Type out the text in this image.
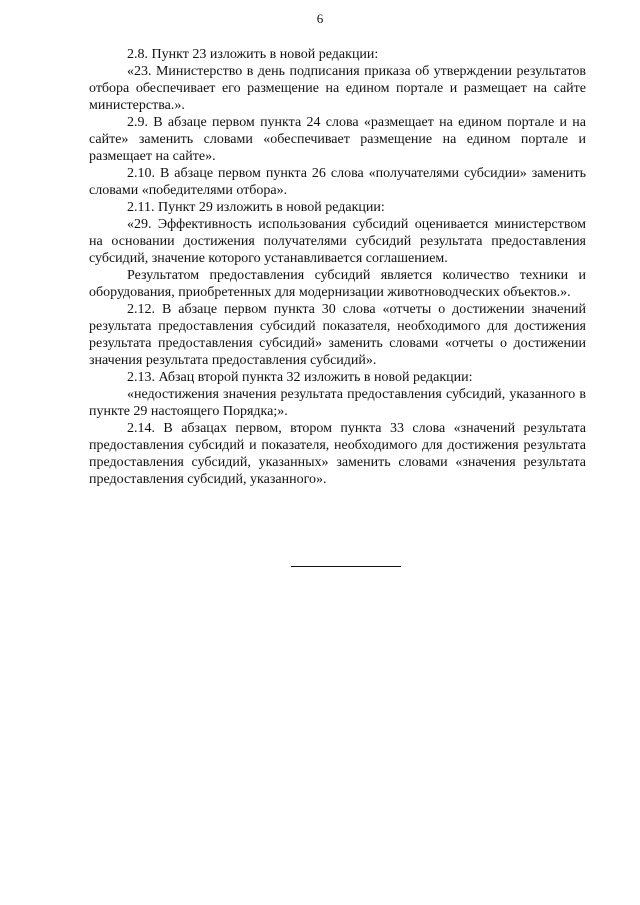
6

2.8. Пункт 23 изложить в новой редакции:

«23. Министерство в день подписания приказа об утверждении результатов отбора обеспечивает его размещение на едином портале и размещает на сайте министерства.».

2.9. В абзаце первом пункта 24 слова «размещает на едином портале и на сайте» заменить словами «обеспечивает размещение на едином портале и размещает на сайте».

2.10. В абзаце первом пункта 26 слова «получателями субсидии» заменить словами «победителями отбора».

2.11. Пункт 29 изложить в новой редакции:

«29. Эффективность использования субсидий оценивается министерством на основании достижения получателями субсидий результата предоставления субсидий, значение которого устанавливается соглашением.

Результатом предоставления субсидий является количество техники и оборудования, приобретенных для модернизации животноводческих объектов.».

2.12. В абзаце первом пункта 30 слова «отчеты о достижении значений результата предоставления субсидий показателя, необходимого для достижения результата предоставления субсидий» заменить словами «отчеты о достижении значения результата предоставления субсидий».

2.13. Абзац второй пункта 32 изложить в новой редакции:

«недостижения значения результата предоставления субсидий, указанного в пункте 29 настоящего Порядка;».

2.14. В абзацах первом, втором пункта 33 слова «значений результата предоставления субсидий и показателя, необходимого для достижения результата предоставления субсидий, указанных» заменить словами «значения результата предоставления субсидий, указанного».
